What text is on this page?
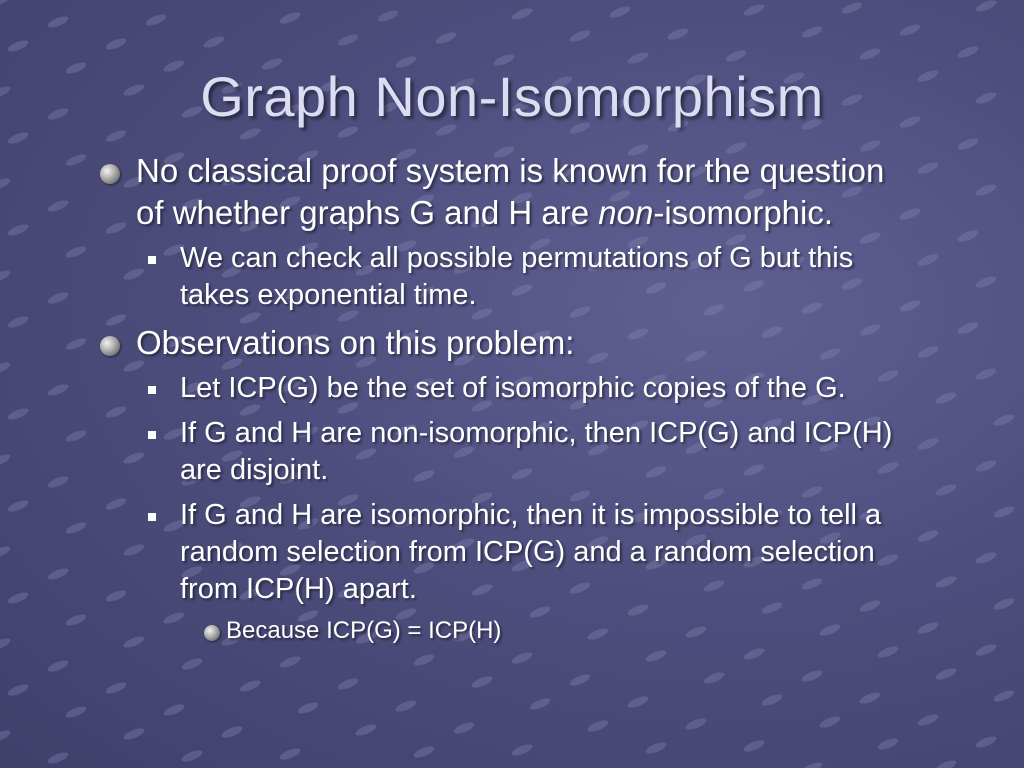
Graph Non-Isomorphism
No classical proof system is known for the question of whether graphs G and H are non-isomorphic.
We can check all possible permutations of G but this takes exponential time.
Observations on this problem:
Let ICP(G) be the set of isomorphic copies of the G.
If G and H are non-isomorphic, then ICP(G) and ICP(H) are disjoint.
If G and H are isomorphic, then it is impossible to tell a random selection from ICP(G) and a random selection from ICP(H) apart.
Because ICP(G) = ICP(H)
